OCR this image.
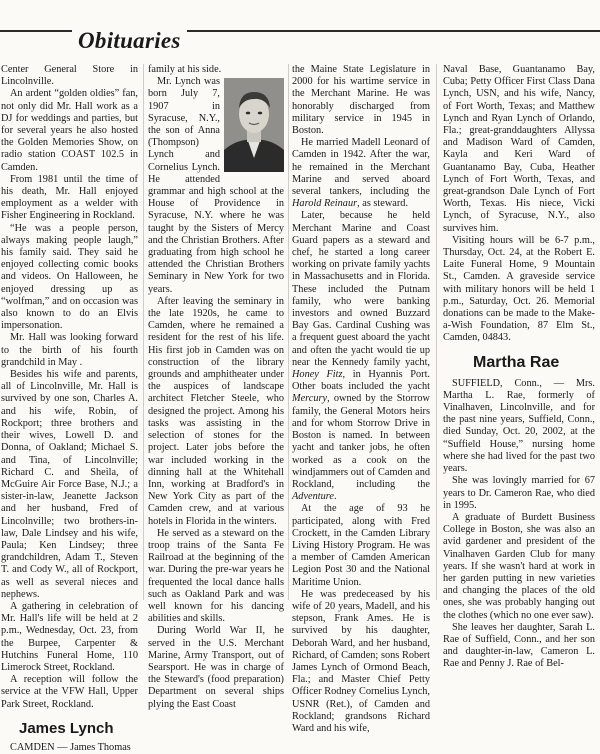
Obituaries

Center General Store in Lincolnville.

An ardent “golden oldies” fan, not only did Mr. Hall work as a DJ for weddings and parties, but for several years he also hosted the Golden Memories Show, on radio station COAST 102.5 in Camden.

From 1981 until the time of his death, Mr. Hall enjoyed employment as a welder with Fisher Engineering in Rockland.

“He was a people person, always making people laugh,” his family said. They said he enjoyed collecting comic books and videos. On Halloween, he enjoyed dressing up as “wolfman,” and on occasion was also known to do an Elvis impersonation.

Mr. Hall was looking forward to the birth of his fourth grandchild in May .

Besides his wife and parents, all of Lincolnville, Mr. Hall is survived by one son, Charles A. and his wife, Robin, of Rockport; three brothers and their wives, Lowell D. and Donna, of Oakland; Michael S. and Tina, of Lincolnville; Richard C. and Sheila, of McGuire Air Force Base, N.J.; a sister-in-law, Jeanette Jackson and her husband, Fred of Lincolnville; two brothers-in-law, Dale Lindsey and his wife, Paula; Ken Lindsey; three grandchildren, Adam T., Steven T. and Cody W., all of Rockport, as well as several nieces and nephews.

A gathering in celebration of Mr. Hall's life will be held at 2 p.m., Wednesday, Oct. 23, from the Burpee, Carpenter & Hutchins Funeral Home, 110 Limerock Street, Rockland.

A reception will follow the service at the VFW Hall, Upper Park Street, Rockland.

James Lynch

CAMDEN — James Thomas

family at his side.

Mr. Lynch was born July 7, 1907 in Syracuse, N.Y., the son of Anna (Thompson) Lynch and Cornelius Lynch. He attended grammar and high school at the House of Providence in Syracuse, N.Y. where he was taught by the Sisters of Mercy and the Christian Brothers. After graduating from high school he attended the Christian Brothers Seminary in New York for two years.

After leaving the seminary in the late 1920s, he came to Camden, where he remained a resident for the rest of his life. His first job in Camden was on construction of the library grounds and amphitheater under the auspices of landscape architect Fletcher Steele, who designed the project. Among his tasks was assisting in the selection of stones for the project. Later jobs before the war included working in the dinning hall at the Whitehall Inn, working at Bradford's in New York City as part of the Camden crew, and at various hotels in Florida in the winters.

He served as a steward on the troop trains of the Santa Fe Railroad at the beginning of the war. During the pre-war years he frequented the local dance halls such as Oakland Park and was well known for his dancing abilities and skills.

During World War II, he served in the U.S. Merchant Marine, Army Transport, out of Searsport. He was in charge of the Steward's (food preparation) Department on several ships plying the East Coast

the Maine State Legislature in 2000 for his wartime service in the Merchant Marine. He was honorably discharged from military service in 1945 in Boston.

He married Madell Leonard of Camden in 1942. After the war, he remained in the Merchant Marine and served aboard several tankers, including the Harold Reinaur, as steward.

Later, because he held Merchant Marine and Coast Guard papers as a steward and chef, he started a long career working on private family yachts in Massachusetts and in Florida. These included the Putnam family, who were banking investors and owned Buzzard Bay Gas. Cardinal Cushing was a frequent guest aboard the yacht and often the yacht would tie up near the Kennedy family yacht, Honey Fitz, in Hyannis Port. Other boats included the yacht Mercury, owned by the Storrow family, the General Motors heirs and for whom Storrow Drive in Boston is named. In between yacht and tanker jobs, he often worked as a cook on the windjammers out of Camden and Rockland, including the Adventure.

At the age of 93 he participated, along with Fred Crockett, in the Camden Library Living History Program. He was a member of Camden American Legion Post 30 and the National Maritime Union.

He was predeceased by his wife of 20 years, Madell, and his stepson, Frank Ames. He is survived by his daughter, Deborah Ward, and her husband, Richard, of Camden; sons Robert James Lynch of Ormond Beach, Fla.; and Master Chief Petty Officer Rodney Cornelius Lynch, USNR (Ret.), of Camden and Rockland; grandsons Richard Ward and his wife,

Naval Base, Guantanamo Bay, Cuba; Petty Officer First Class Dana Lynch, USN, and his wife, Nancy, of Fort Worth, Texas; and Matthew Lynch and Ryan Lynch of Orlando, Fla.; great-granddaughters Allyssa and Madison Ward of Camden, Kayla and Keri Ward of Guantanamo Bay, Cuba, Heather Lynch of Fort Worth, Texas, and great-grandson Dale Lynch of Fort Worth, Texas. His niece, Vicki Lynch, of Syracuse, N.Y., also survives him.

Visiting hours will be 6-7 p.m., Thursday, Oct. 24, at the Robert E. Laite Funeral Home, 9 Mountain St., Camden. A graveside service with military honors will be held 1 p.m., Saturday, Oct. 26. Memorial donations can be made to the Make-a-Wish Foundation, 87 Elm St., Camden, 04843.

Martha Rae

SUFFIELD, Conn., — Mrs. Martha L. Rae, formerly of Vinalhaven, Lincolnville, and for the past nine years, Suffield, Conn., died Sunday, Oct. 20, 2002, at the “Suffield House,” nursing home where she had lived for the past two years.

She was lovingly married for 67 years to Dr. Cameron Rae, who died in 1995.

A graduate of Burdett Business College in Boston, she was also an avid gardener and president of the Vinalhaven Garden Club for many years. If she wasn't hard at work in her garden putting in new varieties and changing the places of the old ones, she was probably hanging out the clothes (which no one ever saw).

She leaves her daughter, Sarah L. Rae of Suffield, Conn., and her son and daughter-in-law, Cameron L. Rae and Penny J. Rae of Bel-
